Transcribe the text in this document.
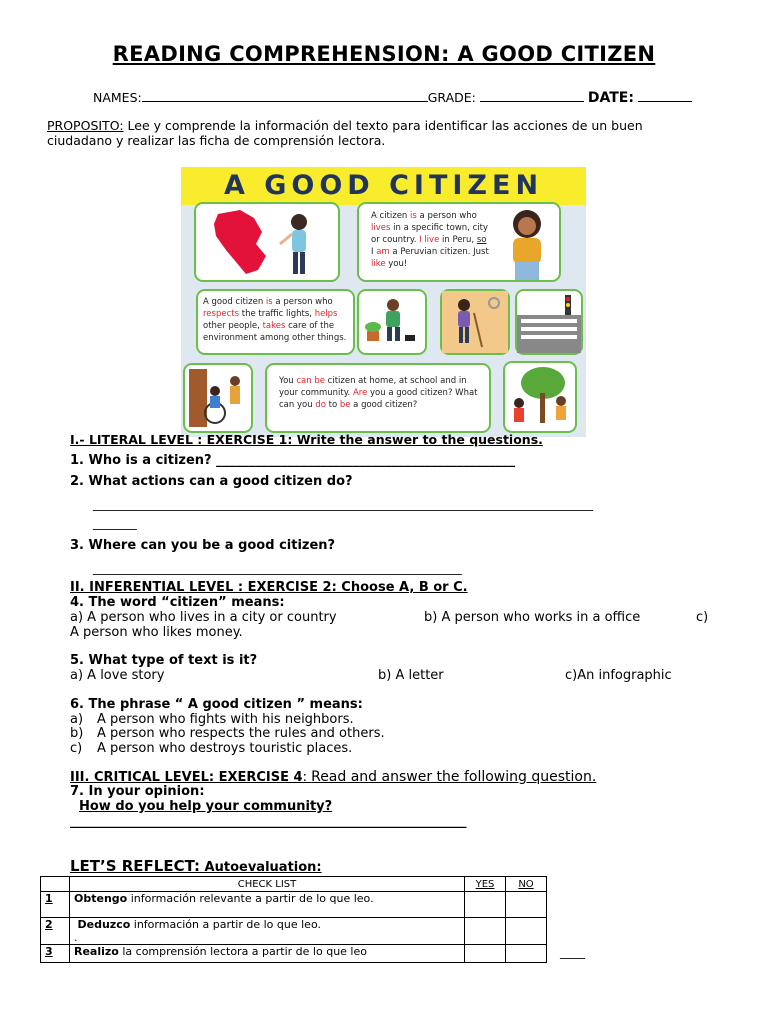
READING COMPREHENSION: A GOOD CITIZEN
NAMES:	GRADE:	DATE:
PROPOSITO: Lee y comprende la información del texto para identificar las acciones de un buen
ciudadano y realizar las ficha de comprensión lectora.
A GOOD CITIZEN
A citizen is a person who lives in a specific town, city or country. I live in Peru, so I am a Peruvian citizen. Just like you!
A good citizen is a person who respects the traffic lights, helps other people, takes care of the environment among other things.
You can be citizen at home, at school and in your community. Are you a good citizen? What can you do to be a good citizen?
I.- LITERAL LEVEL : EXERCISE 1: Write the answer to the questions.
1. Who is a citizen? ______________________________________________
2. What actions can a good citizen do?
________________________________________________________________________________
_______
3. Where can you be a good citizen?
___________________________________________________________
II. INFERENTIAL LEVEL : EXERCISE 2: Choose A, B or C.
4. The word “citizen” means:
a) A person who lives in a city or country	b) A person who works in a office	c)
A person who likes money.
5. What type of text is it?
a) A love story	b) A letter	c)An infographic
6. The phrase “ A good citizen ” means:
a) A person who fights with his neighbors.
b) A person who respects the rules and others.
c) A person who destroys touristic places.
III. CRITICAL LEVEL: EXERCISE 4: Read and answer the following question.
7. In your opinion:
How do you help your community?
_____________________________________________________________
LET’S REFLECT: Autoevaluation:
	CHECK LIST	YES	NO
1	Obtengo información relevante a partir de lo que leo.		
2	Deduzco información a partir de lo que leo.
.		
3	Realizo la comprensión lectora a partir de lo que leo			____
